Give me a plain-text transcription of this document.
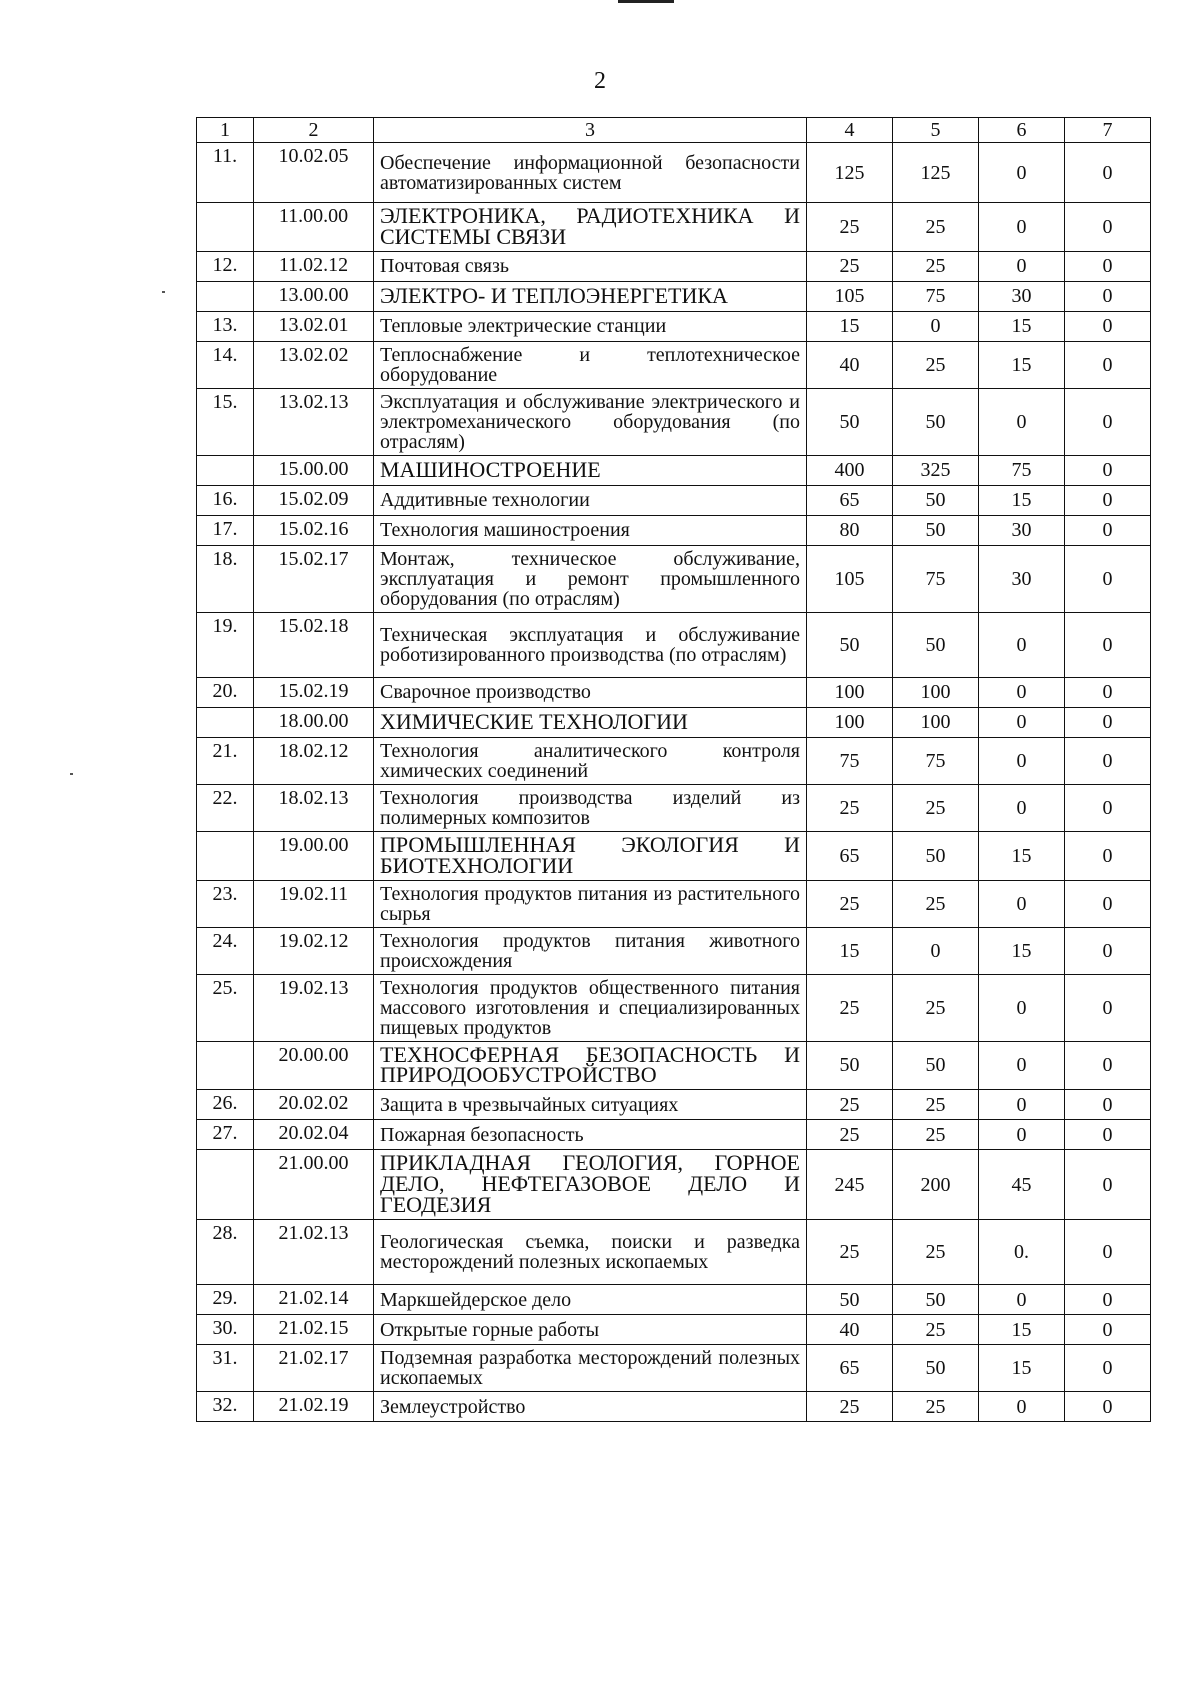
2
1	2	3	4	5	6	7
11.	10.02.05	Обеспечение информационной безопасности автоматизированных систем	125	125	0	0
	11.00.00	ЭЛЕКТРОНИКА, РАДИОТЕХНИКА И СИСТЕМЫ СВЯЗИ	25	25	0	0
12.	11.02.12	Почтовая связь	25	25	0	0
	13.00.00	ЭЛЕКТРО- И ТЕПЛОЭНЕРГЕТИКА	105	75	30	0
13.	13.02.01	Тепловые электрические станции	15	0	15	0
14.	13.02.02	Теплоснабжение и теплотехническое оборудование	40	25	15	0
15.	13.02.13	Эксплуатация и обслуживание электрического и электромеханического оборудования (по отраслям)	50	50	0	0
	15.00.00	МАШИНОСТРОЕНИЕ	400	325	75	0
16.	15.02.09	Аддитивные технологии	65	50	15	0
17.	15.02.16	Технология машиностроения	80	50	30	0
18.	15.02.17	Монтаж, техническое обслуживание, эксплуатация и ремонт промышленного оборудования (по отраслям)	105	75	30	0
19.	15.02.18	Техническая эксплуатация и обслуживание роботизированного производства (по отраслям)	50	50	0	0
20.	15.02.19	Сварочное производство	100	100	0	0
	18.00.00	ХИМИЧЕСКИЕ ТЕХНОЛОГИИ	100	100	0	0
21.	18.02.12	Технология аналитического контроля химических соединений	75	75	0	0
22.	18.02.13	Технология производства изделий из полимерных композитов	25	25	0	0
	19.00.00	ПРОМЫШЛЕННАЯ ЭКОЛОГИЯ И БИОТЕХНОЛОГИИ	65	50	15	0
23.	19.02.11	Технология продуктов питания из растительного сырья	25	25	0	0
24.	19.02.12	Технология продуктов питания животного происхождения	15	0	15	0
25.	19.02.13	Технология продуктов общественного питания массового изготовления и специализированных пищевых продуктов	25	25	0	0
	20.00.00	ТЕХНОСФЕРНАЯ БЕЗОПАСНОСТЬ И ПРИРОДООБУСТРОЙСТВО	50	50	0	0
26.	20.02.02	Защита в чрезвычайных ситуациях	25	25	0	0
27.	20.02.04	Пожарная безопасность	25	25	0	0
	21.00.00	ПРИКЛАДНАЯ ГЕОЛОГИЯ, ГОРНОЕ ДЕЛО, НЕФТЕГАЗОВОЕ ДЕЛО И ГЕОДЕЗИЯ	245	200	45	0
28.	21.02.13	Геологическая съемка, поиски и разведка месторождений полезных ископаемых	25	25	0.	0
29.	21.02.14	Маркшейдерское дело	50	50	0	0
30.	21.02.15	Открытые горные работы	40	25	15	0
31.	21.02.17	Подземная разработка месторождений полезных ископаемых	65	50	15	0
32.	21.02.19	Землеустройство	25	25	0	0
